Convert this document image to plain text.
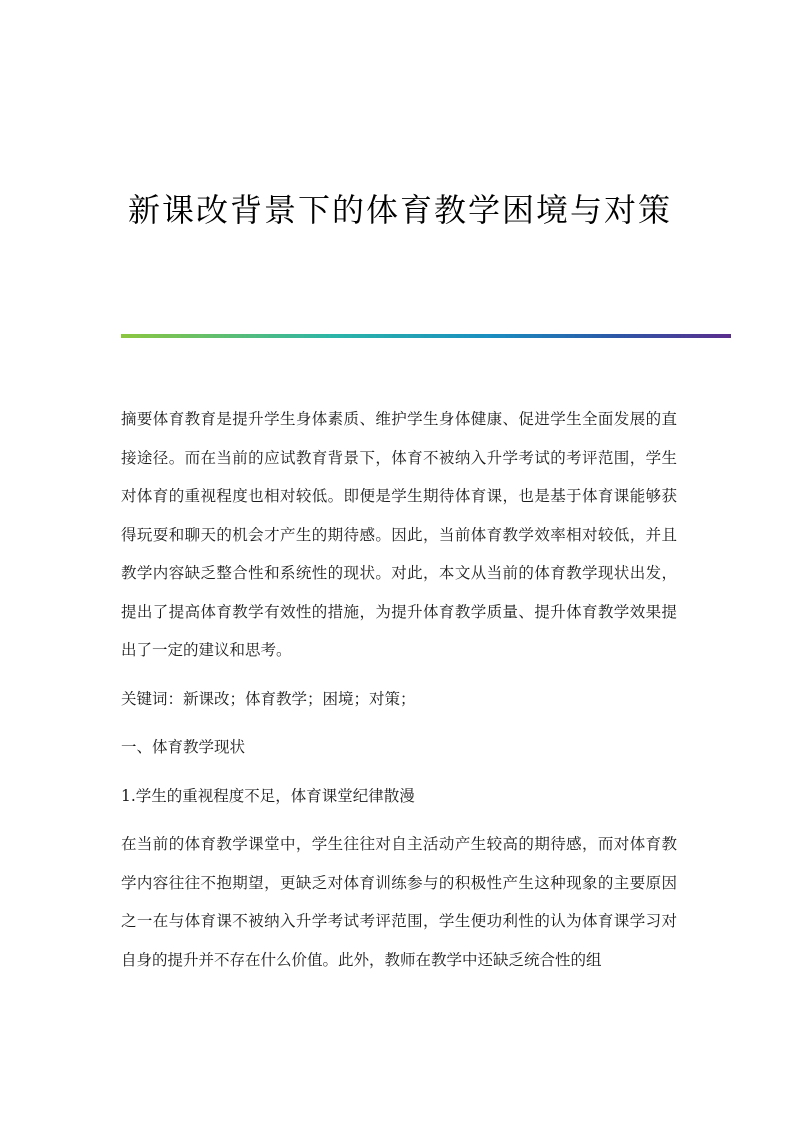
新课改背景下的体育教学困境与对策

摘要体育教育是提升学生身体素质、维护学生身体健康、促进学生全面发展的直接途径。而在当前的应试教育背景下，体育不被纳入升学考试的考评范围，学生对体育的重视程度也相对较低。即便是学生期待体育课，也是基于体育课能够获得玩耍和聊天的机会才产生的期待感。因此，当前体育教学效率相对较低，并且教学内容缺乏整合性和系统性的现状。对此，本文从当前的体育教学现状出发，提出了提高体育教学有效性的措施，为提升体育教学质量、提升体育教学效果提出了一定的建议和思考。

关键词：新课改；体育教学；困境；对策；

一、体育教学现状

1.学生的重视程度不足，体育课堂纪律散漫

在当前的体育教学课堂中，学生往往对自主活动产生较高的期待感，而对体育教学内容往往不抱期望，更缺乏对体育训练参与的积极性产生这种现象的主要原因之一在与体育课不被纳入升学考试考评范围，学生便功利性的认为体育课学习对自身的提升并不存在什么价值。此外，教师在教学中还缺乏统合性的组
